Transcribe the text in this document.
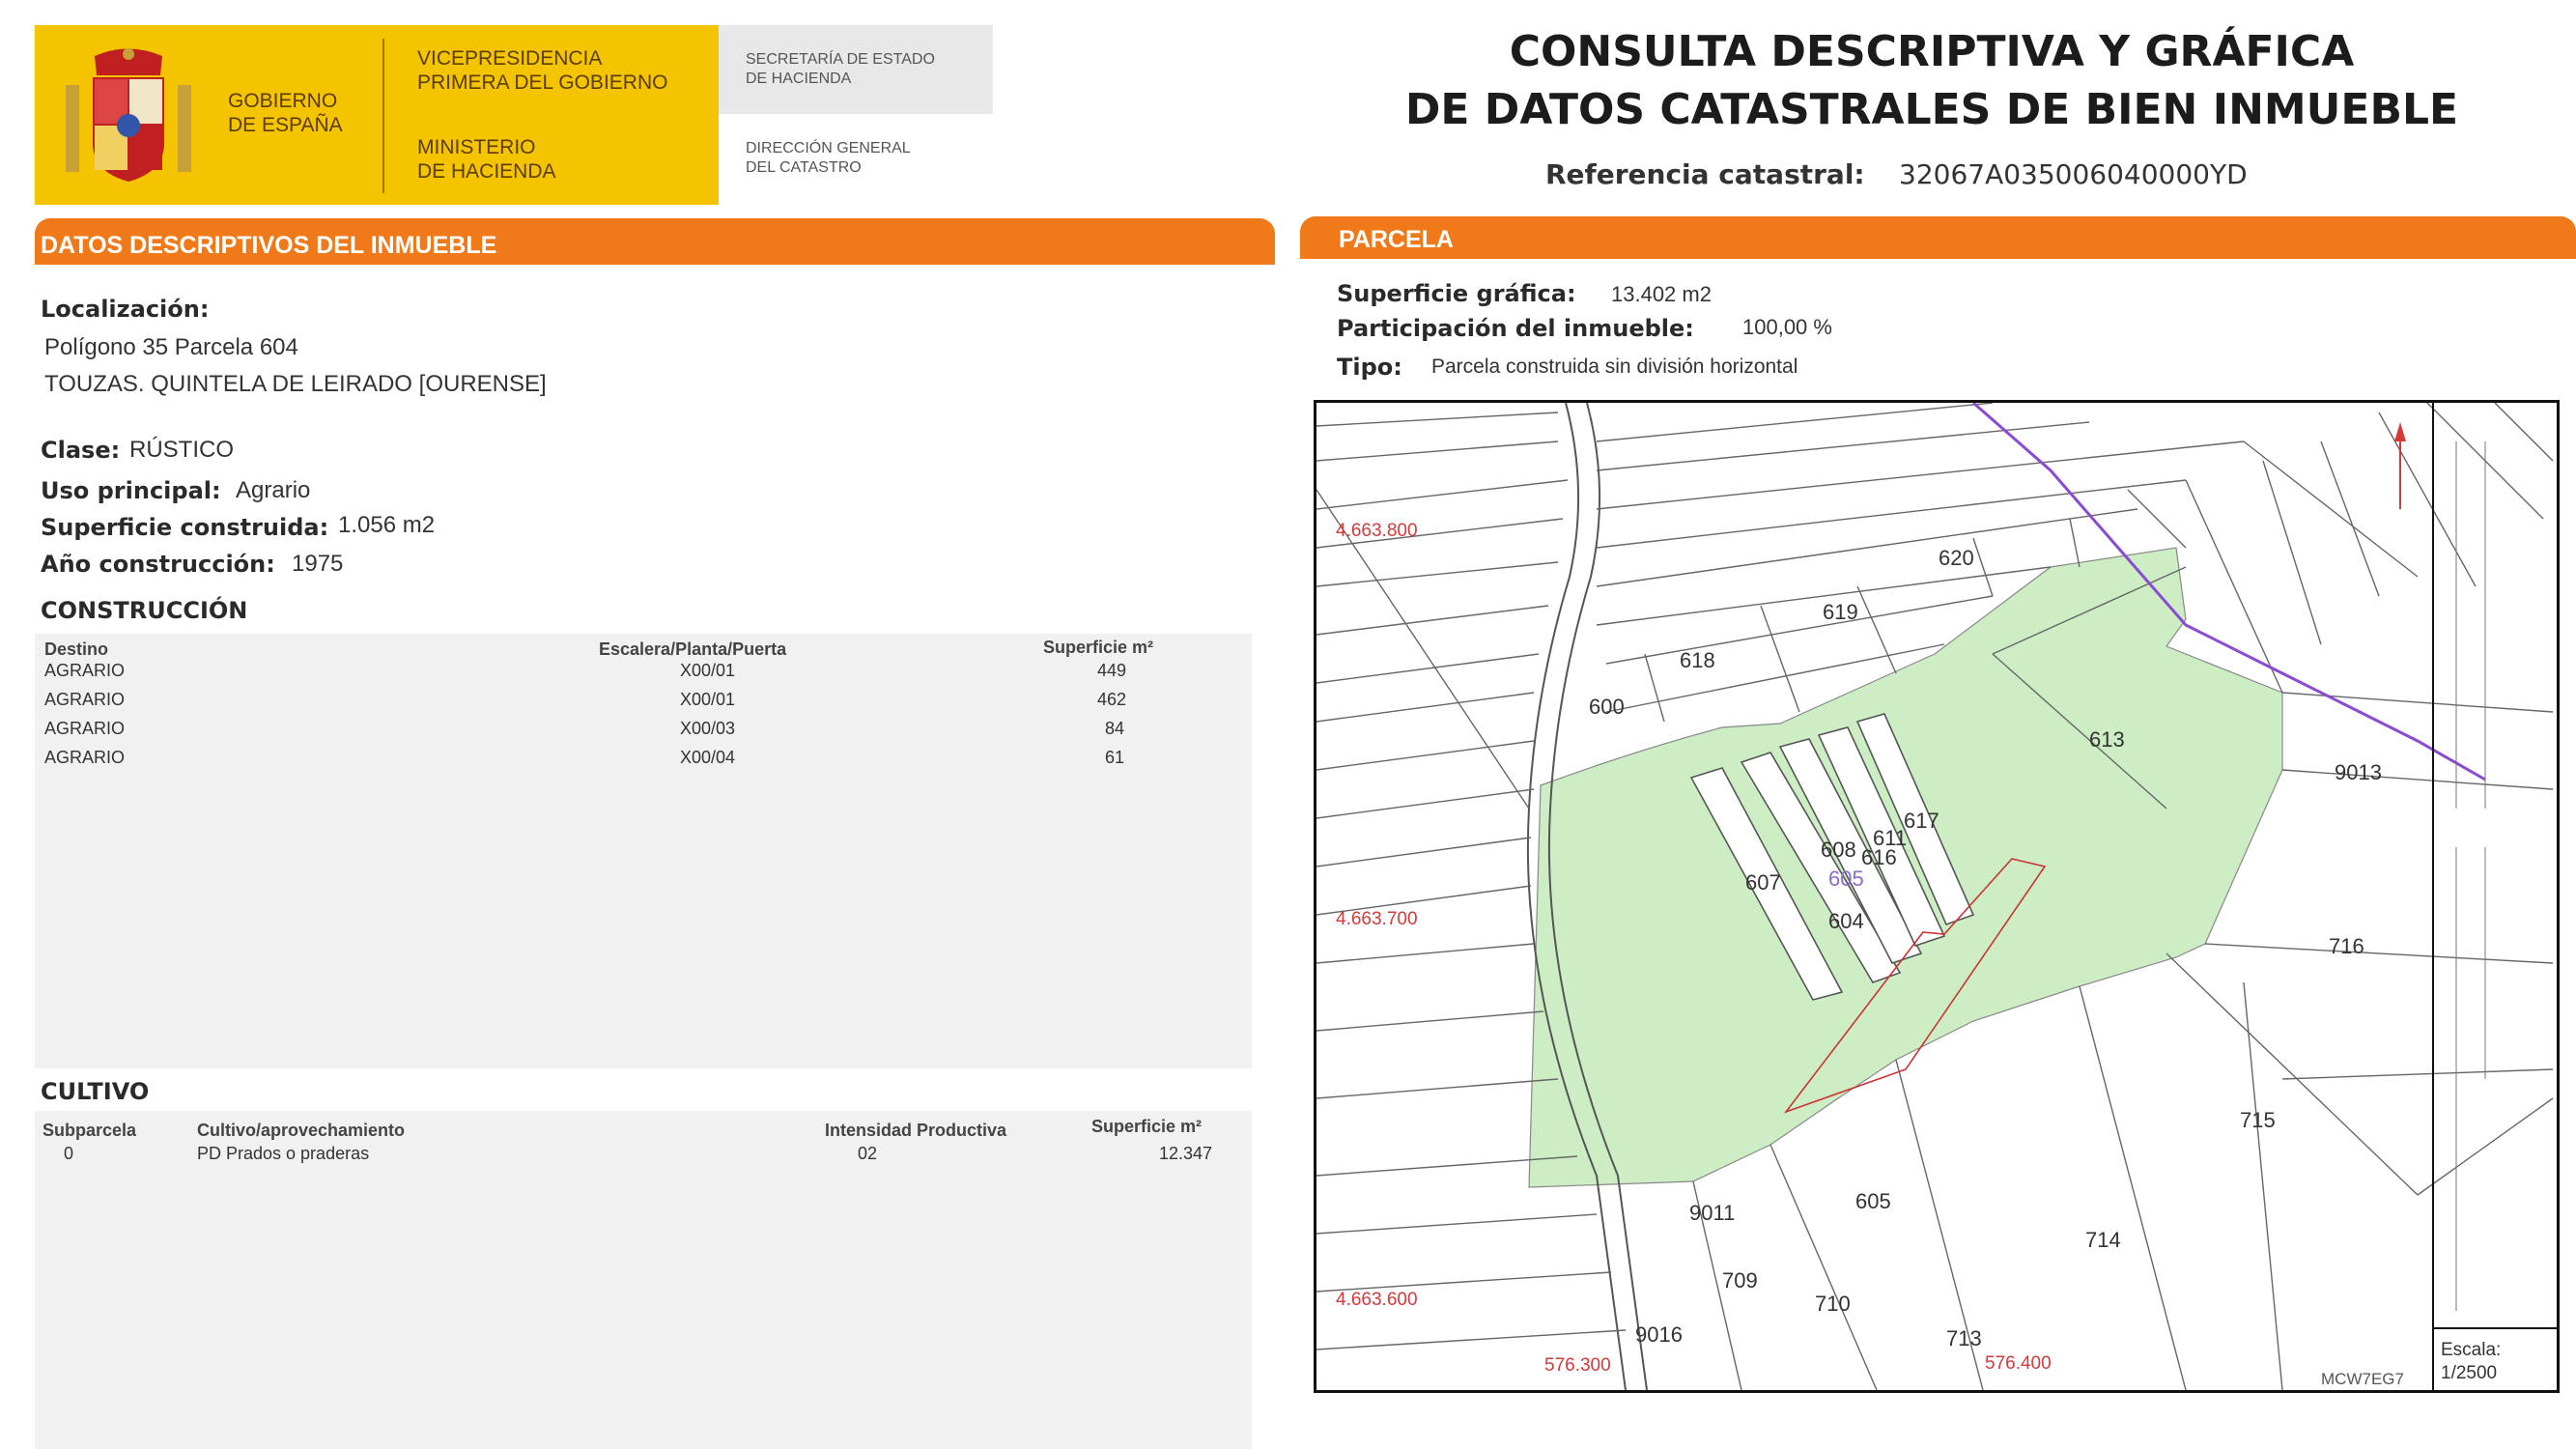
GOBIERNO
DE ESPAÑA
VICEPRESIDENCIA
PRIMERA DEL GOBIERNO
MINISTERIO
DE HACIENDA
SECRETARÍA DE ESTADO
DE HACIENDA
DIRECCIÓN GENERAL
DEL CATASTRO
CONSULTA DESCRIPTIVA Y GRÁFICA
DE DATOS CATASTRALES DE BIEN INMUEBLE
Referencia catastral: 32067A035006040000YD
DATOS DESCRIPTIVOS DEL INMUEBLE	PARCELA
Localización:
Polígono 35 Parcela 604
TOUZAS. QUINTELA DE LEIRADO [OURENSE]
Clase: RÚSTICO
Uso principal: Agrario
Superficie construida: 1.056 m2
Año construcción: 1975
CONSTRUCCIÓN
Destino	Escalera/Planta/Puerta	Superficie m²
AGRARIO	X00/01	449
AGRARIO	X00/01	462
AGRARIO	X00/03	84
AGRARIO	X00/04	61
CULTIVO
Subparcela	Cultivo/aprovechamiento	Intensidad Productiva	Superficie m²
0	PD Prados o praderas	02	12.347
Superficie gráfica: 13.402 m2
Participación del inmueble: 100,00 %
Tipo: Parcela construida sin división horizontal
620
619
618
600
613
9013
617
616
611
608
605
607
604
716
715
714
713
710
709
9011
9016
605
4.663.800
4.663.700
4.663.600
576.300	576.400
Escala:
1/2500
MCW7EG7
